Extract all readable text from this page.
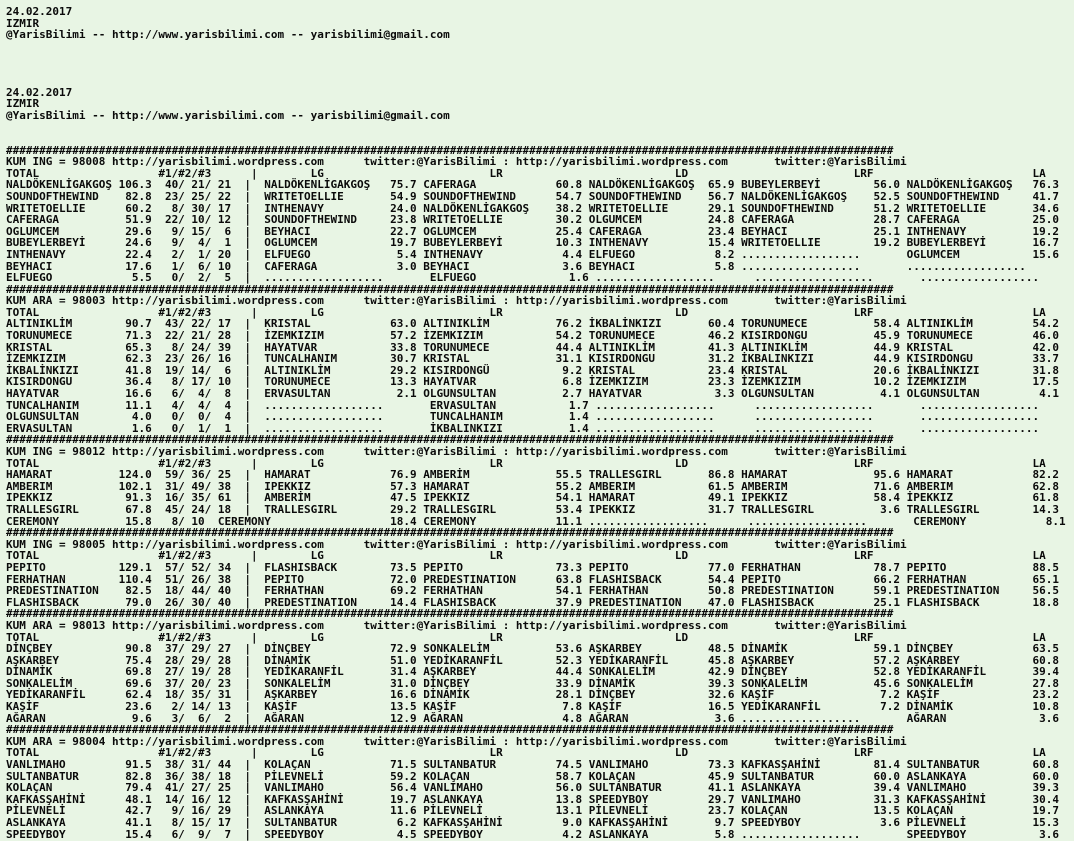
24.02.2017
IZMIR
@YarisBilimi -- http://www.yarisbilimi.com -- yarisbilimi@gmail.com
24.02.2017
IZMIR
@YarisBilimi -- http://www.yarisbilimi.com -- yarisbilimi@gmail.com
######################################################################################################################################
KUM ING = 98008 http://yarisbilimi.wordpress.com      twitter:@YarisBilimi : http://yarisbilimi.wordpress.com       twitter:@YarisBilimi
TOTAL                  #1/#2/#3      |        LG                         LR                          LD                         LRF                        LA
NALDÖKENLİGAKGOŞ 106.3  40/ 21/ 21  |  NALDÖKENLİGAKGOŞ   75.7 CAFERAGA            60.8 NALDÖKENLİGAKGOŞ  65.9 BUBEYLERBEYİ        56.0 NALDÖKENLİGAKGOŞ   76.3
SOUNDOFTHEWIND    82.8  23/ 25/ 22  |  WRITETOELLIE       54.9 SOUNDOFTHEWIND      54.7 SOUNDOFTHEWIND    56.7 NALDÖKENLİGAKGOŞ    52.5 SOUNDOFTHEWIND     41.7
WRITETOELLIE      60.2   8/ 30/ 17  |  INTHENAVY          24.0 NALDÖKENLİGAKGOŞ    38.2 WRITETOELLIE      29.1 SOUNDOFTHEWIND      51.2 WRITETOELLIE       34.6
CAFERAGA          51.9  22/ 10/ 12  |  SOUNDOFTHEWIND     23.8 WRITETOELLIE        30.2 OLGUMCEM          24.8 CAFERAGA            28.7 CAFERAGA           25.0
OGLUMCEM          29.6   9/ 15/  6  |  BEYHACI            22.7 OGLUMCEM            25.4 CAFERAGA          23.4 BEYHACI             25.1 INTHENAVY          19.2
BUBEYLERBEYİ      24.6   9/  4/  1  |  OGLUMCEM           19.7 BUBEYLERBEYİ        10.3 INTHENAVY         15.4 WRITETOELLIE        19.2 BUBEYLERBEYİ       16.7
INTHENAVY         22.4   2/  1/ 20  |  ELFUEGO             5.4 INTHENAVY            4.4 ELFUEGO            8.2 ..................       OGLUMCEM           15.6
BEYHACI           17.6   1/  6/ 10  |  CAFERAGA            3.0 BEYHACI              3.6 BEYHACI            5.8 ..................       ..................
ELFUEGO            5.5   0/  2/  5  |  ..................       ELFUEGO              1.6 ..................      ..................       ..................
######################################################################################################################################
KUM ARA = 98003 http://yarisbilimi.wordpress.com      twitter:@YarisBilimi : http://yarisbilimi.wordpress.com       twitter:@YarisBilimi
TOTAL                  #1/#2/#3      |        LG                         LR                          LD                         LRF                        LA
ALTINIKLİM        90.7  43/ 22/ 17  |  KRISTAL            63.0 ALTINIKLİM          76.2 İKBALİNKIZI       60.4 TORUNUMECE          58.4 ALTINIKLİM         54.2
TORUNUMECE        71.3  22/ 21/ 28  |  İZEMKIZIM          57.2 İZEMKIZIM           54.2 TORUNUMECE        46.2 KISIRDONGU          45.9 TORUNUMECE         46.0
KRISTAL           65.3   8/ 24/ 39  |  HAYATVAR           33.8 TORUNUMECE          44.4 ALTINIKLİM        41.3 ALTINIKLİM          44.9 KRISTAL            42.0
İZEMKIZIM         62.3  23/ 26/ 16  |  TUNCALHANIM        30.7 KRISTAL             31.1 KISIRDONGU        31.2 İKBALINKIZI         44.9 KISIRDONGU         33.7
İKBALİNKIZI       41.8  19/ 14/  6  |  ALTINIKLİM         29.2 KISIRDONGÜ           9.2 KRISTAL           23.4 KRISTAL             20.6 İKBALİNKIZI        31.8
KISIRDONGU        36.4   8/ 17/ 10  |  TORUNUMECE         13.3 HAYATVAR             6.8 İZEMKIZIM         23.3 İZEMKIZIM           10.2 İZEMKIZIM          17.5
HAYATVAR          16.6   6/  4/  8  |  ERVASULTAN          2.1 OLGUNSULTAN          2.7 HAYATVAR           3.3 OLGUNSULTAN          4.1 OLGUNSULTAN         4.1
TUNCALHANIM       11.1   4/  4/  4  |  ..................       ERVASULTAN           1.7 ..................      ..................       ..................
OLGUNSULTAN        4.0   0/  0/  4  |  ..................       TUNCALHANIM          1.4 ..................      ..................       ..................
ERVASULTAN         1.6   0/  1/  1  |  ..................       İKBALINKIZI          1.4 ..................      ..................       ..................
######################################################################################################################################
KUM ING = 98012 http://yarisbilimi.wordpress.com      twitter:@YarisBilimi : http://yarisbilimi.wordpress.com       twitter:@YarisBilimi
TOTAL                  #1/#2/#3      |        LG                         LR                          LD                         LRF                        LA
HAMARAT          124.0  59/ 36/ 25  |  HAMARAT            76.9 AMBERİM             55.5 TRALLESGIRL       86.8 HAMARAT             95.6 HAMARAT            82.2
AMBERIM          102.1  31/ 49/ 38  |  IPEKKIZ            57.3 HAMARAT             55.2 AMBERIM           61.5 AMBERIM             71.6 AMBERIM            62.8
IPEKKIZ           91.3  16/ 35/ 61  |  AMBERİM            47.5 IPEKKIZ             54.1 HAMARAT           49.1 IPEKKIZ             58.4 İPEKKIZ            61.8
TRALLESGIRL       67.8  45/ 24/ 18  |  TRALLESGIRL        29.2 TRALLESGIRL         53.4 IPEKKIZ           31.7 TRALLESGIRL          3.6 TRALLESGIRL        14.3
CEREMONY          15.8   8/ 10  CEREMONY                  18.4 CEREMONY            11.1 ..................      ..................       CEREMONY            8.1
######################################################################################################################################
KUM ING = 98005 http://yarisbilimi.wordpress.com      twitter:@YarisBilimi : http://yarisbilimi.wordpress.com       twitter:@YarisBilimi
TOTAL                  #1/#2/#3      |        LG                         LR                          LD                         LRF                        LA
PEPITO           129.1  57/ 52/ 34  |  FLASHISBACK        73.5 PEPITO              73.3 PEPITO            77.0 FERHATHAN           78.7 PEPITO             88.5
FERHATHAN        110.4  51/ 26/ 38  |  PEPITO             72.0 PREDESTINATION      63.8 FLASHISBACK       54.4 PEPITO              66.2 FERHATHAN          65.1
PREDESTINATION    82.5  18/ 44/ 40  |  FERHATHAN          69.2 FERHATHAN           54.1 FERHATHAN         50.8 PREDESTINATION      59.1 PREDESTINATION     56.5
FLASHISBACK       79.0  26/ 30/ 40  |  PREDESTINATION     14.4 FLASHISBACK         37.9 PREDESTINATION    47.0 FLASHISBACK         25.1 FLASHISBACK        18.8
######################################################################################################################################
KUM ARA = 98013 http://yarisbilimi.wordpress.com      twitter:@YarisBilimi : http://yarisbilimi.wordpress.com       twitter:@YarisBilimi
TOTAL                  #1/#2/#3      |        LG                         LR                          LD                         LRF                        LA
DİNÇBEY           90.8  37/ 29/ 27  |  DİNÇBEY            72.9 SONKALELİM          53.6 AŞKARBEY          48.5 DİNAMİK             59.1 DİNÇBEY            63.5
AŞKARBEY          75.4  28/ 29/ 28  |  DİNAMİK            51.0 YEDİKARANFİL        52.3 YEDİKARANFİL      45.8 AŞKARBEY            57.2 AŞKARBEY           60.8
DİNAMİK           69.8  27/ 19/ 28  |  YEDİKARANFİL       31.4 AŞKARBEY            44.4 SONKALELİM        42.9 DİNÇBEY             52.8 YEDİKARANFİL       39.4
SONKALELİM        69.6  37/ 20/ 23  |  SONKALELİM         31.0 DİNÇBEY             33.9 DİNAMİK           39.3 SONKALELİM          45.6 SONKALELİM         27.8
YEDİKARANFİL      62.4  18/ 35/ 31  |  AŞKARBEY           16.6 DİNAMİK             28.1 DİNÇBEY           32.6 KAŞİF                7.2 KAŞİF              23.2
KAŞİF             23.6   2/ 14/ 13  |  KAŞİF              13.5 KAŞİF                7.8 KAŞİF             16.5 YEDİKARANFİL         7.2 DİNAMİK            10.8
AĞARAN             9.6   3/  6/  2  |  AĞARAN             12.9 AĞARAN               4.8 AĞARAN             3.6 ..................       AĞARAN              3.6
######################################################################################################################################
KUM ARA = 98004 http://yarisbilimi.wordpress.com      twitter:@YarisBilimi : http://yarisbilimi.wordpress.com       twitter:@YarisBilimi
TOTAL                  #1/#2/#3      |        LG                         LR                          LD                         LRF                        LA
VANLIMAHO         91.5  38/ 31/ 44  |  KOLAÇAN            71.5 SULTANBATUR         74.5 VANLIMAHO         73.3 KAFKASŞAHİNİ        81.4 SULTANBATUR        60.8
SULTANBATUR       82.8  36/ 38/ 18  |  PİLEVNELİ          59.2 KOLAÇAN             58.7 KOLAÇAN           45.9 SULTANBATUR         60.0 ASLANKAYA          60.0
KOLAÇAN           79.4  41/ 27/ 25  |  VANLIMAHO          56.4 VANLIMAHO           56.0 SULTANBATUR       41.1 ASLANKAYA           39.4 VANLIMAHO          39.3
KAFKASŞAHİNİ      48.1  14/ 16/ 12  |  KAFKASŞAHİNİ       19.7 ASLANKAYA           13.8 SPEEDYBOY         29.7 VANLIMAHO           31.3 KAFKASŞAHİNİ       30.4
PİLEVNELİ         42.7   9/ 16/ 29  |  ASLANKAYA          11.6 PİLEVNELİ           13.1 PİLEVNELİ         23.7 KOLAÇAN             13.5 KOLAÇAN            19.7
ASLANKAYA         41.1   8/ 15/ 17  |  SULTANBATUR         6.2 KAFKASŞAHİNİ         9.0 KAFKASŞAHİNİ       9.7 SPEEDYBOY            3.6 PİLEVNELİ          15.3
SPEEDYBOY         15.4   6/  9/  7  |  SPEEDYBOY           4.5 SPEEDYBOY            4.2 ASLANKAYA          5.8 ..................       SPEEDYBOY           3.6
